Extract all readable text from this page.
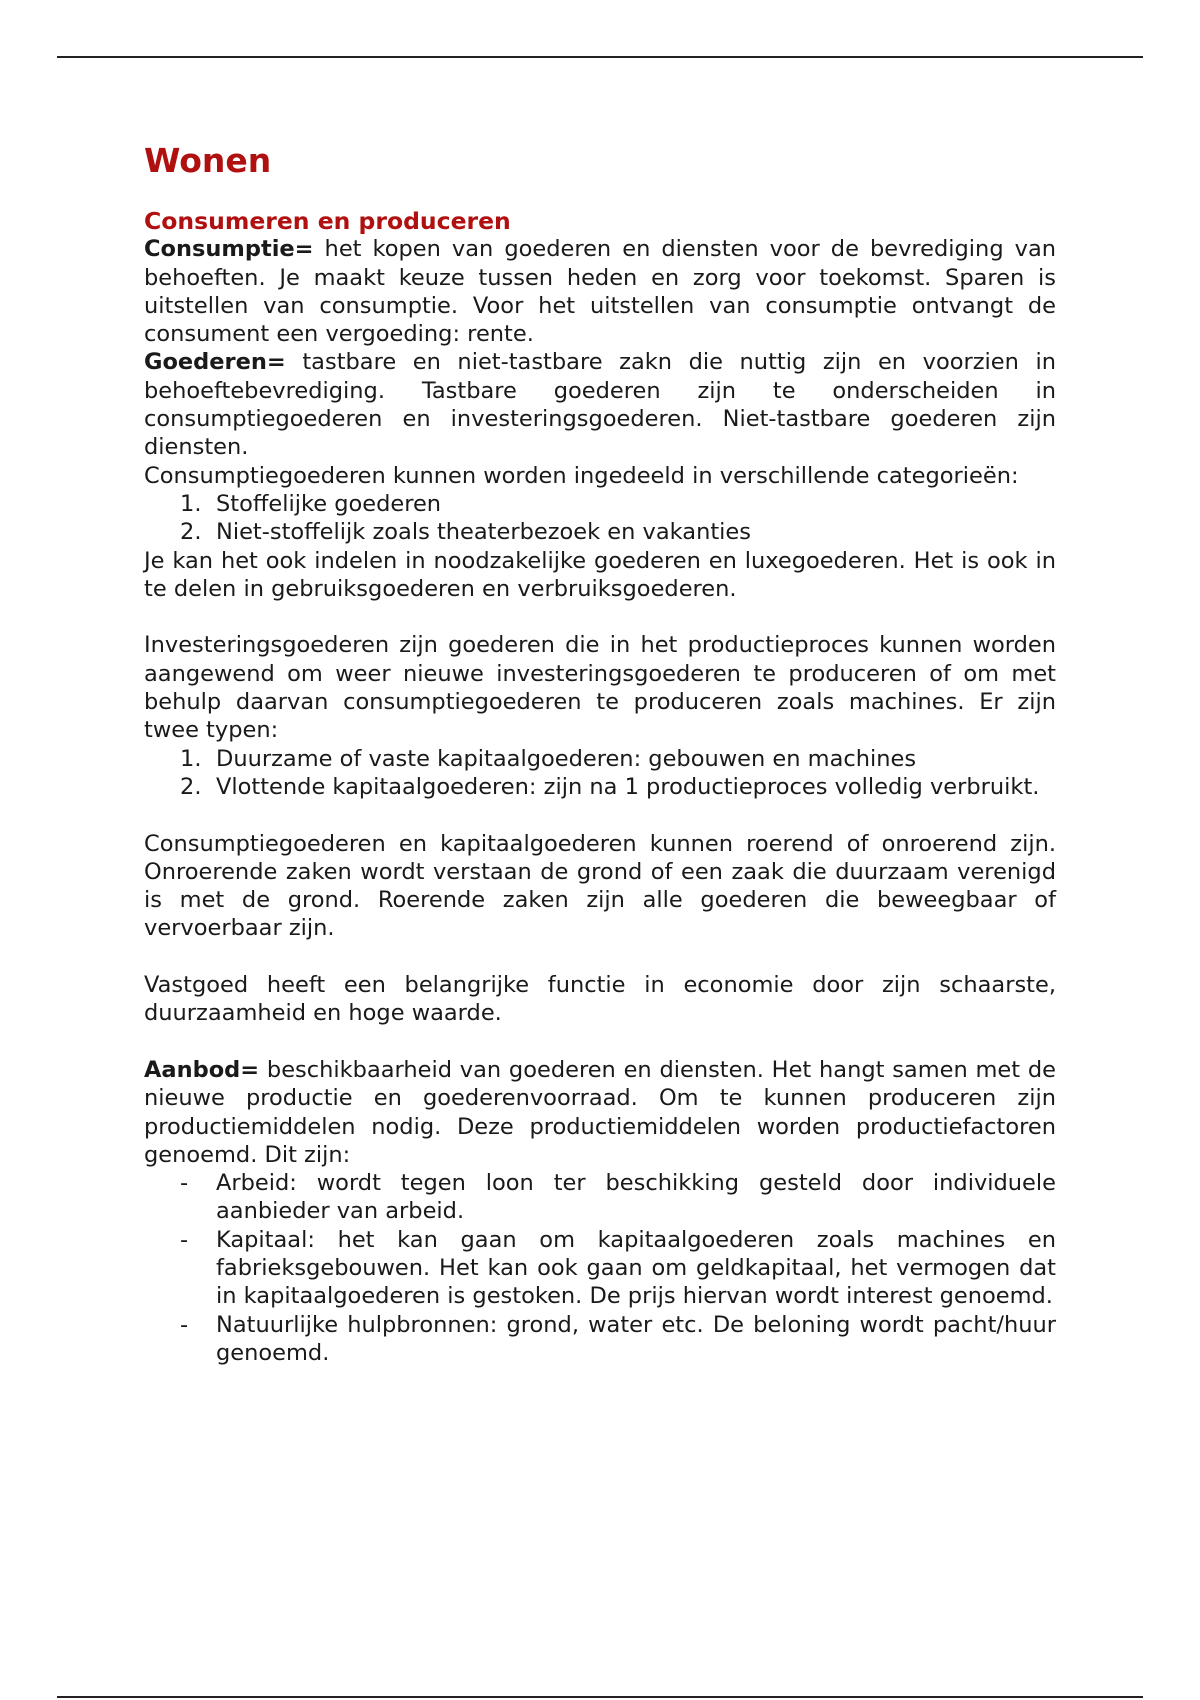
Wonen
Consumeren en produceren

Consumptie= het kopen van goederen en diensten voor de bevrediging van behoeften. Je maakt keuze tussen heden en zorg voor toekomst. Sparen is uitstellen van consumptie. Voor het uitstellen van consumptie ontvangt de consument een vergoeding: rente.

Goederen= tastbare en niet-tastbare zakn die nuttig zijn en voorzien in behoeftebevrediging. Tastbare goederen zijn te onderscheiden in consumptiegoederen en investeringsgoederen. Niet-tastbare goederen zijn diensten.

Consumptiegoederen kunnen worden ingedeeld in verschillende categorieën:

1. Stoffelijke goederen
2. Niet-stoffelijk zoals theaterbezoek en vakanties

Je kan het ook indelen in noodzakelijke goederen en luxegoederen. Het is ook in te delen in gebruiksgoederen en verbruiksgoederen.

Investeringsgoederen zijn goederen die in het productieproces kunnen worden aangewend om weer nieuwe investeringsgoederen te produceren of om met behulp daarvan consumptiegoederen te produceren zoals machines. Er zijn twee typen:

1. Duurzame of vaste kapitaalgoederen: gebouwen en machines
2. Vlottende kapitaalgoederen: zijn na 1 productieproces volledig verbruikt.

Consumptiegoederen en kapitaalgoederen kunnen roerend of onroerend zijn. Onroerende zaken wordt verstaan de grond of een zaak die duurzaam verenigd is met de grond. Roerende zaken zijn alle goederen die beweegbaar of vervoerbaar zijn.

Vastgoed heeft een belangrijke functie in economie door zijn schaarste, duurzaamheid en hoge waarde.

Aanbod= beschikbaarheid van goederen en diensten. Het hangt samen met de nieuwe productie en goederenvoorraad. Om te kunnen produceren zijn productiemiddelen nodig. Deze productiemiddelen worden productiefactoren genoemd. Dit zijn:

- Arbeid: wordt tegen loon ter beschikking gesteld door individuele aanbieder van arbeid.
- Kapitaal: het kan gaan om kapitaalgoederen zoals machines en fabrieksgebouwen. Het kan ook gaan om geldkapitaal, het vermogen dat in kapitaalgoederen is gestoken. De prijs hiervan wordt interest genoemd.
- Natuurlijke hulpbronnen: grond, water etc. De beloning wordt pacht/huur genoemd.
